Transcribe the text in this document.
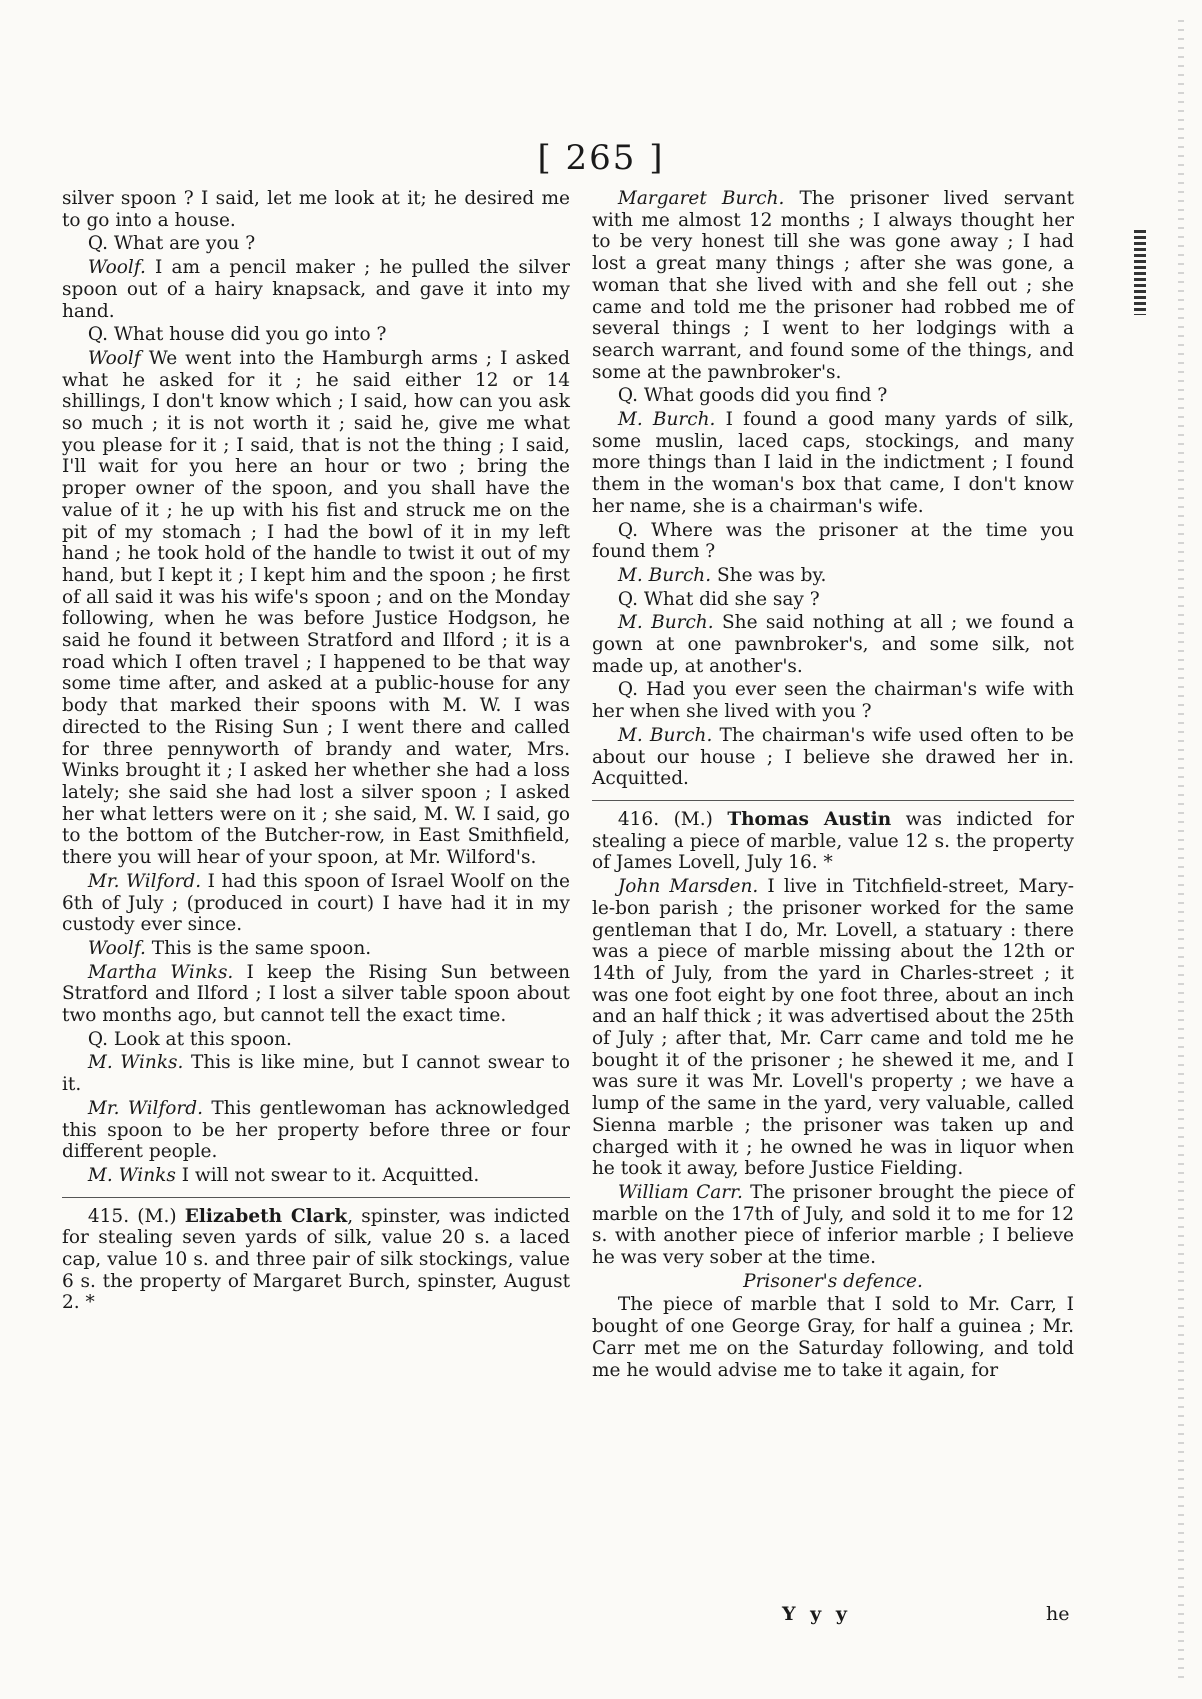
[ 265 ]

silver spoon ? I said, let me look at it; he desired me to go into a house.

Q. What are you ?

Woolf. I am a pencil maker ; he pulled the silver spoon out of a hairy knapsack, and gave it into my hand.

Q. What house did you go into ?

Woolf We went into the Hamburgh arms ; I asked what he asked for it ; he said either 12 or 14 shillings, I don't know which ; I said, how can you ask so much ; it is not worth it ; said he, give me what you please for it ; I said, that is not the thing ; I said, I'll wait for you here an hour or two ; bring the proper owner of the spoon, and you shall have the value of it ; he up with his fist and struck me on the pit of my stomach ; I had the bowl of it in my left hand ; he took hold of the handle to twist it out of my hand, but I kept it ; I kept him and the spoon ; he first of all said it was his wife's spoon ; and on the Monday following, when he was before Justice Hodgson, he said he found it between Stratford and Ilford ; it is a road which I often travel ; I happened to be that way some time after, and asked at a public-house for any body that marked their spoons with M. W. I was directed to the Rising Sun ; I went there and called for three pennyworth of brandy and water, Mrs. Winks brought it ; I asked her whether she had a loss lately; she said she had lost a silver spoon ; I asked her what letters were on it ; she said, M. W. I said, go to the bottom of the Butcher-row, in East Smithfield, there you will hear of your spoon, at Mr. Wilford's.

Mr. Wilford. I had this spoon of Israel Woolf on the 6th of July ; (produced in court) I have had it in my custody ever since.

Woolf. This is the same spoon.

Martha Winks. I keep the Rising Sun between Stratford and Ilford ; I lost a silver table spoon about two months ago, but cannot tell the exact time.

Q. Look at this spoon.

M. Winks. This is like mine, but I cannot swear to it.

Mr. Wilford. This gentlewoman has acknowledged this spoon to be her property before three or four different people.

M. Winks I will not swear to it. Acquitted.

415. (M.) Elizabeth Clark, spinster, was indicted for stealing seven yards of silk, value 20 s. a laced cap, value 10 s. and three pair of silk stockings, value 6 s. the property of Margaret Burch, spinster, August 2. *

Margaret Burch. The prisoner lived servant with me almost 12 months ; I always thought her to be very honest till she was gone away ; I had lost a great many things ; after she was gone, a woman that she lived with and she fell out ; she came and told me the prisoner had robbed me of several things ; I went to her lodgings with a search warrant, and found some of the things, and some at the pawnbroker's.

Q. What goods did you find ?

M. Burch. I found a good many yards of silk, some muslin, laced caps, stockings, and many more things than I laid in the indictment ; I found them in the woman's box that came, I don't know her name, she is a chairman's wife.

Q. Where was the prisoner at the time you found them ?

M. Burch. She was by.

Q. What did she say ?

M. Burch. She said nothing at all ; we found a gown at one pawnbroker's, and some silk, not made up, at another's.

Q. Had you ever seen the chairman's wife with her when she lived with you ?

M. Burch. The chairman's wife used often to be about our house ; I believe she drawed her in. Acquitted.

416. (M.) Thomas Austin was indicted for stealing a piece of marble, value 12 s. the property of James Lovell, July 16. *

John Marsden. I live in Titchfield-street, Mary-le-bon parish ; the prisoner worked for the same gentleman that I do, Mr. Lovell, a statuary : there was a piece of marble missing about the 12th or 14th of July, from the yard in Charles-street ; it was one foot eight by one foot three, about an inch and an half thick ; it was advertised about the 25th of July ; after that, Mr. Carr came and told me he bought it of the prisoner ; he shewed it me, and I was sure it was Mr. Lovell's property ; we have a lump of the same in the yard, very valuable, called Sienna marble ; the prisoner was taken up and charged with it ; he owned he was in liquor when he took it away, before Justice Fielding.

William Carr. The prisoner brought the piece of marble on the 17th of July, and sold it to me for 12 s. with another piece of inferior marble ; I believe he was very sober at the time.

Prisoner's defence.

The piece of marble that I sold to Mr. Carr, I bought of one George Gray, for half a guinea ; Mr. Carr met me on the Saturday following, and told me he would advise me to take it again, for

Y y y	he
